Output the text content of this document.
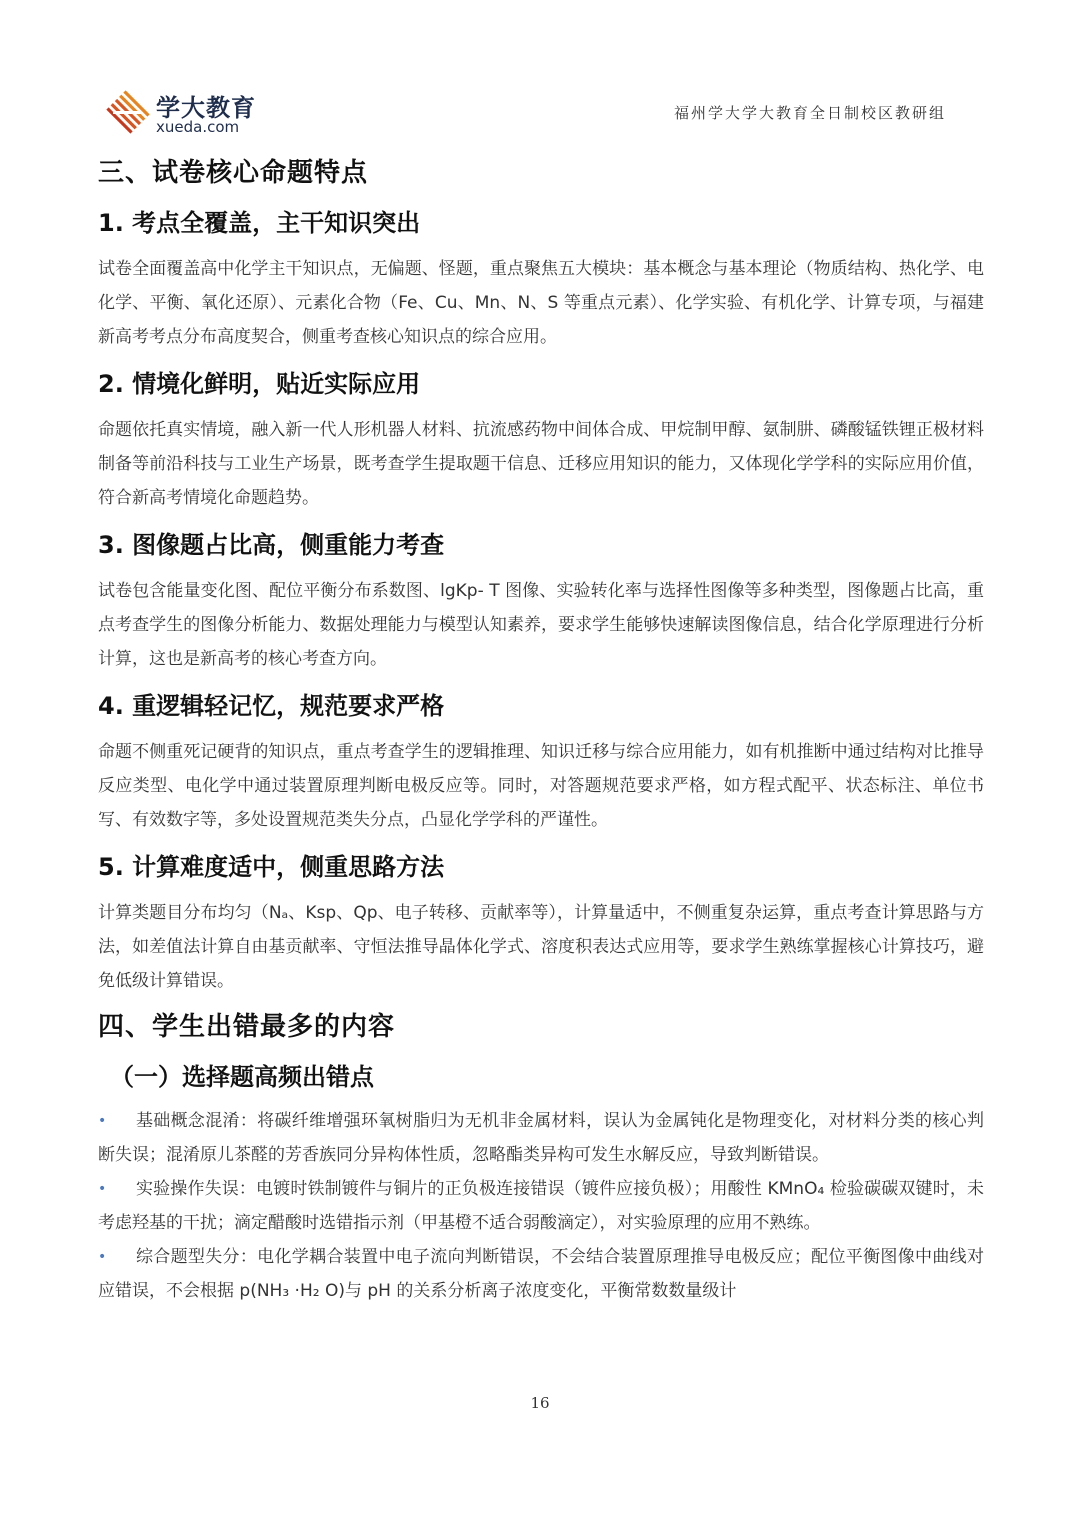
学大教育
xueda.com
福州学大学大教育全日制校区教研组
三、试卷核心命题特点
1. 考点全覆盖，主干知识突出

试卷全面覆盖高中化学主干知识点，无偏题、怪题，重点聚焦五大模块：基本概念与基本理论（物质结构、热化学、电化学、平衡、氧化还原）、元素化合物（Fe、Cu、Mn、N、S 等重点元素）、化学实验、有机化学、计算专项，与福建新高考考点分布高度契合，侧重考查核心知识点的综合应用。

2. 情境化鲜明，贴近实际应用

命题依托真实情境，融入新一代人形机器人材料、抗流感药物中间体合成、甲烷制甲醇、氨制肼、磷酸锰铁锂正极材料制备等前沿科技与工业生产场景，既考查学生提取题干信息、迁移应用知识的能力，又体现化学学科的实际应用价值，符合新高考情境化命题趋势。

3. 图像题占比高，侧重能力考查

试卷包含能量变化图、配位平衡分布系数图、lgKp- T 图像、实验转化率与选择性图像等多种类型，图像题占比高，重点考查学生的图像分析能力、数据处理能力与模型认知素养，要求学生能够快速解读图像信息，结合化学原理进行分析计算，这也是新高考的核心考查方向。

4. 重逻辑轻记忆，规范要求严格

命题不侧重死记硬背的知识点，重点考查学生的逻辑推理、知识迁移与综合应用能力，如有机推断中通过结构对比推导反应类型、电化学中通过装置原理判断电极反应等。同时，对答题规范要求严格，如方程式配平、状态标注、单位书写、有效数字等，多处设置规范类失分点，凸显化学学科的严谨性。

5. 计算难度适中，侧重思路方法

计算类题目分布均匀（Nₐ、Ksp、Qp、电子转移、贡献率等），计算量适中，不侧重复杂运算，重点考查计算思路与方法，如差值法计算自由基贡献率、守恒法推导晶体化学式、溶度积表达式应用等，要求学生熟练掌握核心计算技巧，避免低级计算错误。

四、学生出错最多的内容
（一）选择题高频出错点

• 基础概念混淆：将碳纤维增强环氧树脂归为无机非金属材料，误认为金属钝化是物理变化，对材料分类的核心判断失误；混淆原儿茶醛的芳香族同分异构体性质，忽略酯类异构可发生水解反应，导致判断错误。

• 实验操作失误：电镀时铁制镀件与铜片的正负极连接错误（镀件应接负极）；用酸性 KMnO₄ 检验碳碳双键时，未考虑羟基的干扰；滴定醋酸时选错指示剂（甲基橙不适合弱酸滴定），对实验原理的应用不熟练。

• 综合题型失分：电化学耦合装置中电子流向判断错误，不会结合装置原理推导电极反应；配位平衡图像中曲线对应错误，不会根据 p(NH₃ ·H₂ O)与 pH 的关系分析离子浓度变化，平衡常数数量级计

16
